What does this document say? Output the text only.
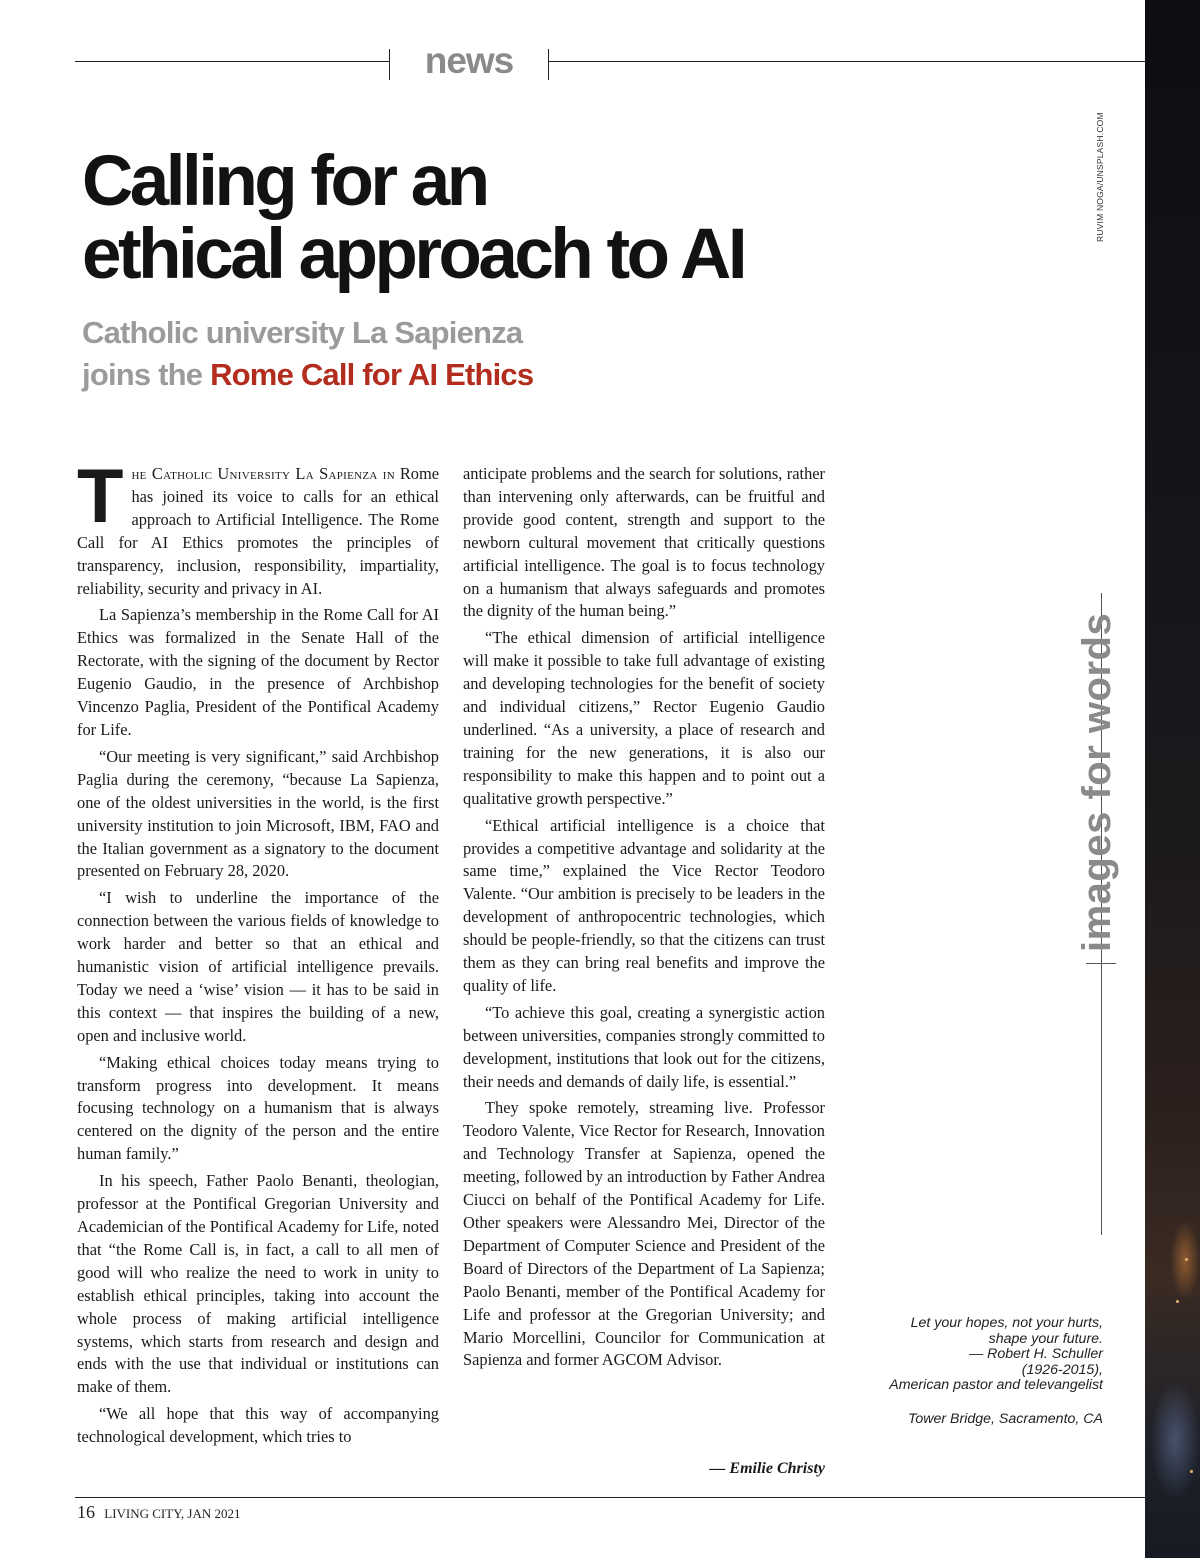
news
RUVIM NOGA/UNSPLASH.COM
Calling for an
ethical approach to AI
Catholic university La Sapienza
joins the Rome Call for AI Ethics

The Catholic University La Sapienza in Rome has joined its voice to calls for an ethical approach to Artificial Intelligence. The Rome Call for AI Ethics promotes the principles of transparency, inclusion, responsibility, impartiality, reliability, security and privacy in AI.

La Sapienza’s membership in the Rome Call for AI Ethics was formalized in the Senate Hall of the Rectorate, with the signing of the document by Rector Eugenio Gaudio, in the presence of Archbishop Vincenzo Paglia, President of the Pontifical Academy for Life.

“Our meeting is very significant,” said Archbishop Paglia during the ceremony, “because La Sapienza, one of the oldest universities in the world, is the first university institution to join Microsoft, IBM, FAO and the Italian government as a signatory to the document presented on February 28, 2020.

“I wish to underline the importance of the connection between the various fields of knowledge to work harder and better so that an ethical and humanistic vision of artificial intelligence prevails. Today we need a ‘wise’ vision — it has to be said in this context — that inspires the building of a new, open and inclusive world.

“Making ethical choices today means trying to transform progress into development. It means focusing technology on a humanism that is always centered on the dignity of the person and the entire human family.”

In his speech, Father Paolo Benanti, theologian, professor at the Pontifical Gregorian University and Academician of the Pontifical Academy for Life, noted that “the Rome Call is, in fact, a call to all men of good will who realize the need to work in unity to establish ethical principles, taking into account the whole process of making artificial intelligence systems, which starts from research and design and ends with the use that individual or institutions can make of them.

“We all hope that this way of accompanying technological development, which tries to

anticipate problems and the search for solutions, rather than intervening only afterwards, can be fruitful and provide good content, strength and support to the newborn cultural movement that critically questions artificial intelligence. The goal is to focus technology on a humanism that always safeguards and promotes the dignity of the human being.”

“The ethical dimension of artificial intelligence will make it possible to take full advantage of existing and developing technologies for the benefit of society and individual citizens,” Rector Eugenio Gaudio underlined. “As a university, a place of research and training for the new generations, it is also our responsibility to make this happen and to point out a qualitative growth perspective.”

“Ethical artificial intelligence is a choice that provides a competitive advantage and solidarity at the same time,” explained the Vice Rector Teodoro Valente. “Our ambition is precisely to be leaders in the development of anthropocentric technologies, which should be people-friendly, so that the citizens can trust them as they can bring real benefits and improve the quality of life.

“To achieve this goal, creating a synergistic action between universities, companies strongly committed to development, institutions that look out for the citizens, their needs and demands of daily life, is essential.”

They spoke remotely, streaming live. Professor Teodoro Valente, Vice Rector for Research, Innovation and Technology Transfer at Sapienza, opened the meeting, followed by an introduction by Father Andrea Ciucci on behalf of the Pontifical Academy for Life. Other speakers were Alessandro Mei, Director of the Department of Computer Science and President of the Board of Directors of the Department of La Sapienza; Paolo Benanti, member of the Pontifical Academy for Life and professor at the Gregorian University; and Mario Morcellini, Councilor for Communication at Sapienza and former AGCOM Advisor.

— Emilie Christy
images for words
Let your hopes, not your hurts,
shape your future.
— Robert H. Schuller
(1926-2015),
American pastor and televangelist
Tower Bridge, Sacramento, CA
16 LIVING CITY, JAN 2021
